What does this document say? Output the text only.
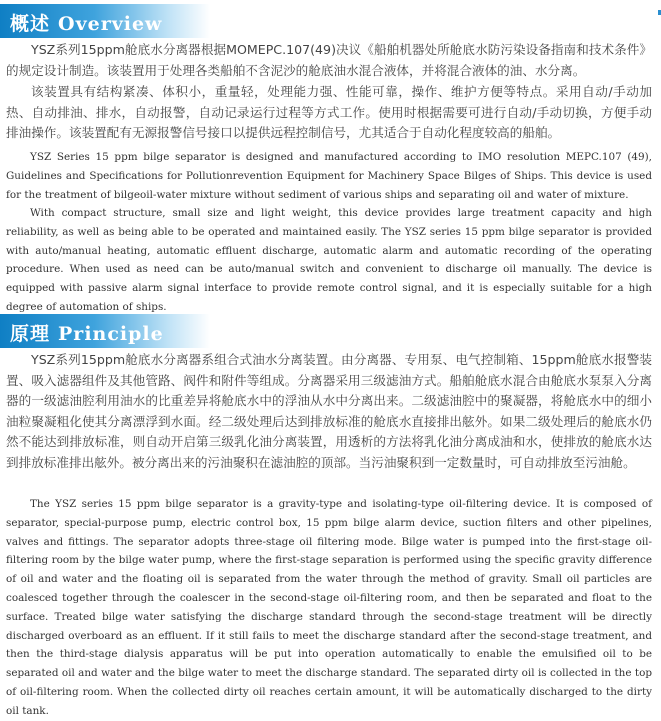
概述 Overview

YSZ系列15ppm舱底水分离器根据MOMEPC.107(49)决议《船舶机器处所舱底水防污染设备指南和技术条件》的规定设计制造。该装置用于处理各类船舶不含泥沙的舱底油水混合液体，并将混合液体的油、水分离。

该装置具有结构紧凑、体积小，重量轻，处理能力强、性能可靠，操作、维护方便等特点。采用自动/手动加热、自动排油、排水，自动报警，自动记录运行过程等方式工作。使用时根据需要可进行自动/手动切换，方便手动排油操作。该装置配有无源报警信号接口以提供远程控制信号，尤其适合于自动化程度较高的船舶。

YSZ Series 15 ppm bilge separator is designed and manufactured according to IMO resolution MEPC.107 (49), Guidelines and Specifications for Pollutionrevention Equipment for Machinery Space Bilges of Ships. This device is used for the treatment of bilgeoil-water mixture without sediment of various ships and separating oil and water of mixture.

With compact structure, small size and light weight, this device provides large treatment capacity and high reliability, as well as being able to be operated and maintained easily. The YSZ series 15 ppm bilge separator is provided with auto/manual heating, automatic effluent discharge, automatic alarm and automatic recording of the operating procedure. When used as need can be auto/manual switch and convenient to discharge oil manually. The device is equipped with passive alarm signal interface to provide remote control signal, and it is especially suitable for a high degree of automation of ships.

原理 Principle

YSZ系列15ppm舱底水分离器系组合式油水分离装置。由分离器、专用泵、电气控制箱、15ppm舱底水报警装置、吸入滤器组件及其他管路、阀件和附件等组成。分离器采用三级滤油方式。船舶舱底水混合由舱底水泵泵入分离器的一级滤油腔利用油水的比重差异将舱底水中的浮油从水中分离出来。二级滤油腔中的聚凝器，将舱底水中的细小油粒聚凝粗化使其分离漂浮到水面。经二级处理后达到排放标准的舱底水直接排出舷外。如果二级处理后的舱底水仍然不能达到排放标准，则自动开启第三级乳化油分离装置，用透析的方法将乳化油分离成油和水，使排放的舱底水达到排放标准排出舷外。被分离出来的污油聚积在滤油腔的顶部。当污油聚积到一定数量时，可自动排放至污油舱。

The YSZ series 15 ppm bilge separator is a gravity-type and isolating-type oil-filtering device. It is composed of separator, special-purpose pump, electric control box, 15 ppm bilge alarm device, suction filters and other pipelines, valves and fittings. The separator adopts three-stage oil filtering mode. Bilge water is pumped into the first-stage oil-filtering room by the bilge water pump, where the first-stage separation is performed using the specific gravity difference of oil and water and the floating oil is separated from the water through the method of gravity. Small oil particles are coalesced together through the coalescer in the second-stage oil-filtering room, and then be separated and float to the surface. Treated bilge water satisfying the discharge standard through the second-stage treatment will be directly discharged overboard as an effluent. If it still fails to meet the discharge standard after the second-stage treatment, and then the third-stage dialysis apparatus will be put into operation automatically to enable the emulsified oil to be separated oil and water and the bilge water to meet the discharge standard. The separated dirty oil is collected in the top of oil-filtering room. When the collected dirty oil reaches certain amount, it will be automatically discharged to the dirty oil tank.
